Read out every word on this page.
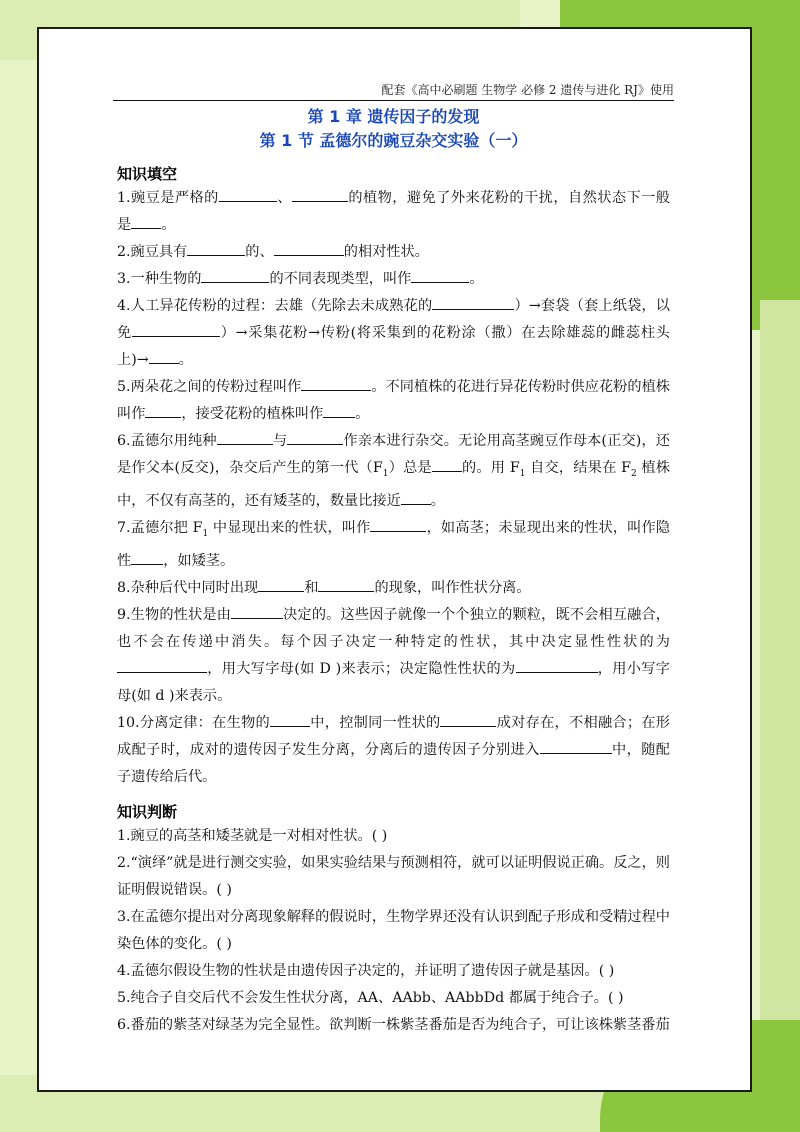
配套《高中必刷题 生物学 必修 2 遗传与进化 RJ》使用
第 1 章 遗传因子的发现
第 1 节 孟德尔的豌豆杂交实验（一）
知识填空

1.豌豆是严格的	、	的植物，避免了外来花粉的干扰，自然状态下一般是 。

2.豌豆具有	的、	的相对性状。

3.一种生物的	的不同表现类型，叫作	。

4.人工异花传粉的过程：去雄（先除去未成熟花的	）→套袋（套上纸袋，以免	）→采集花粉→传粉(将采集到的花粉涂（撒）在去除雄蕊的雌蕊柱头上)→ 。

5.两朵花之间的传粉过程叫作	。不同植株的花进行异花传粉时供应花粉的植株叫作	，接受花粉的植株叫作 。

6.孟德尔用纯种	与	作亲本进行杂交。无论用高茎豌豆作母本(正交)，还是作父本(反交)，杂交后产生的第一代$(F_1)$总是 的。用 $F_1$ 自交，结果在 $F_2$ 植株中，不仅有高茎的，还有矮茎的，数量比接近 。

7.孟德尔把 $F_1$ 中显现出来的性状，叫作	，如高茎；未显现出来的性状，叫作隐性 ，如矮茎。

8.杂种后代中同时出现	和	的现象，叫作性状分离。

9.生物的性状是由	决定的。这些因子就像一个个独立的颗粒，既不会相互融合，也不会在传递中消失。每个因子决定一种特定的性状，其中决定显性性状的为，用大写字母(如 D )来表示；决定隐性性状的为	，用小写字母(如 d )来表示。

10.分离定律：在生物的	中，控制同一性状的	成对存在，不相融合；在形成配子时，成对的遗传因子发生分离，分离后的遗传因子分别进入	中，随配子遗传给后代。

知识判断

1.豌豆的高茎和矮茎就是一对相对性状。( )

2.“演绎”就是进行测交实验，如果实验结果与预测相符，就可以证明假说正确。反之，则证明假说错误。( )

3.在孟德尔提出对分离现象解释的假说时，生物学界还没有认识到配子形成和受精过程中染色体的变化。( )

4.孟德尔假设生物的性状是由遗传因子决定的，并证明了遗传因子就是基因。( )

5.纯合子自交后代不会发生性状分离，AA、AAbb、AAbbDd 都属于纯合子。( )

6.番茄的紫茎对绿茎为完全显性。欲判断一株紫茎番茄是否为纯合子，可让该株紫茎番茄
